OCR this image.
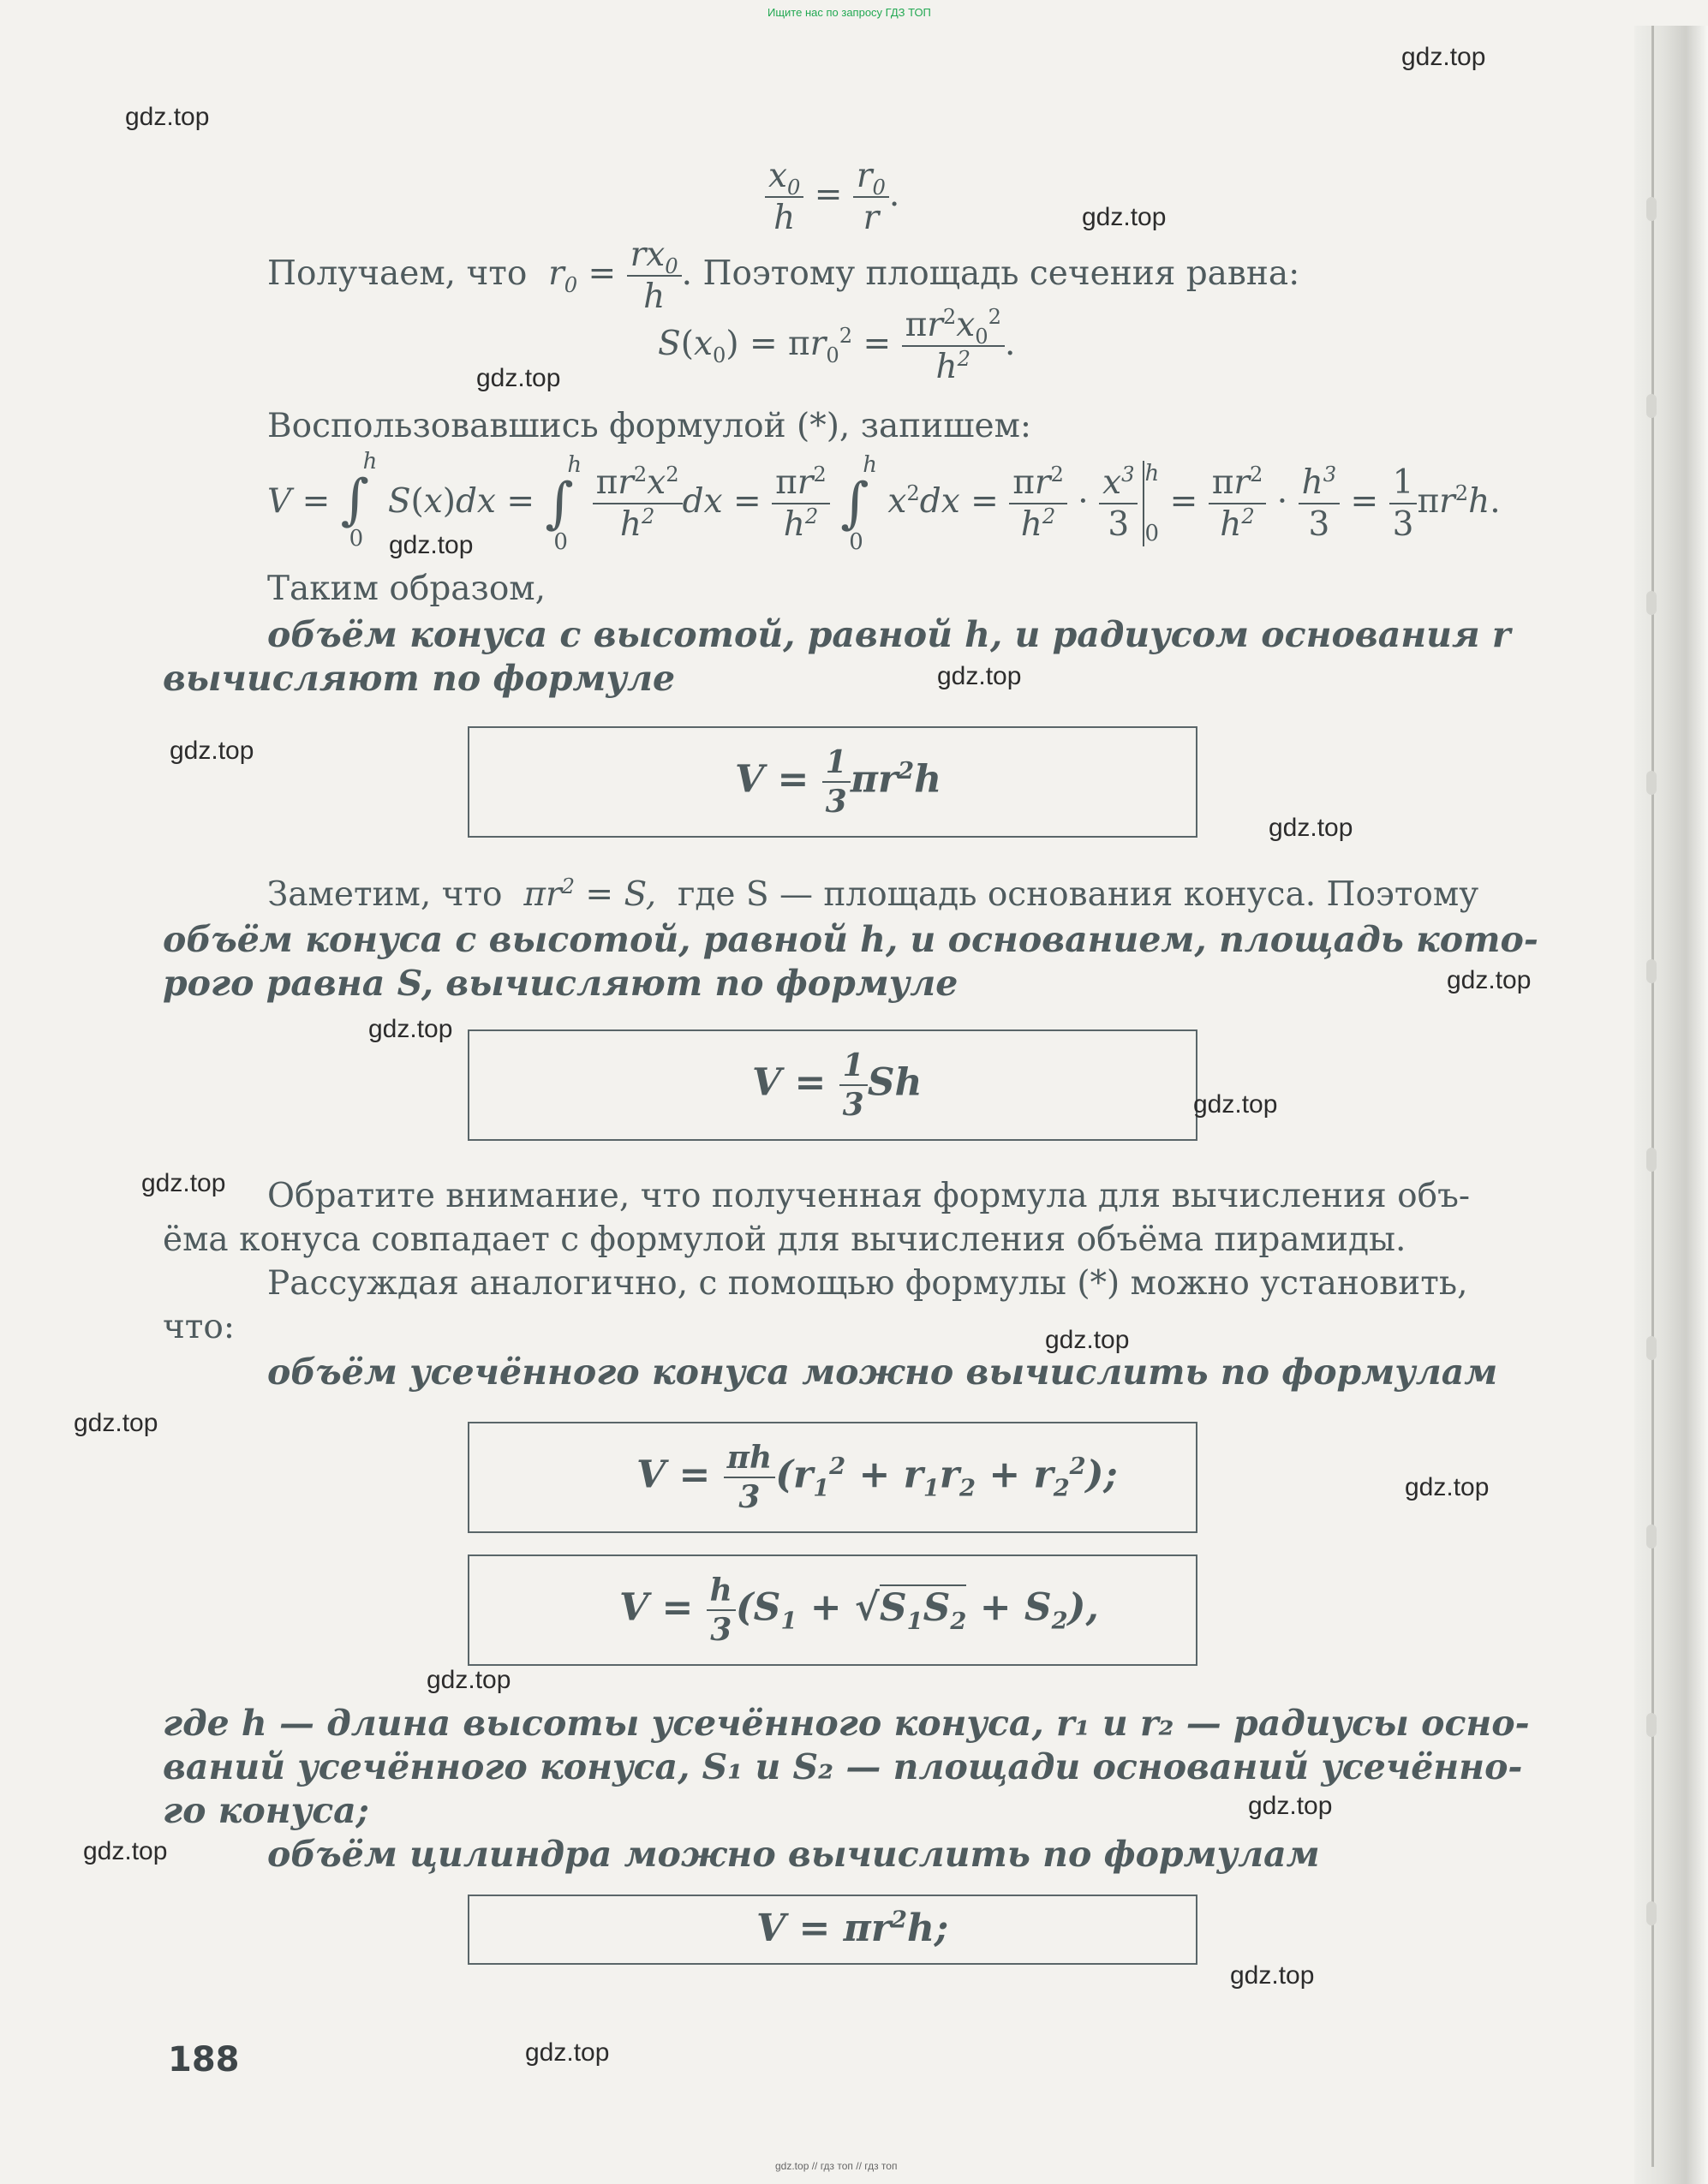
Ищите нас по запросу ГДЗ ТОП
$\frac{x_0}{h} = \frac{r_0}{r}$ .
Получаем, что  $r_0 = \frac{rx_0}{h}$ . Поэтому площадь сечения равна:
$S(x_0) = \pi r_0^2 = \frac{\pi r^2x_0^2}{h^2}$ .
Воспользовавшись формулой (*), запишем:
V =
h
∫
0
S(x)dx =
h
∫
0

$\frac{\pi r^2x^2}{h^2}$ dx = $\frac{\pi r^2}{h^2}$

h
∫
0
$x^2dx = \frac{\pi r^2}{h^2} \cdot \frac{x^3}{3}$ h
0
= $\frac{\pi r^2}{h^2} \cdot \frac{h^3}{3} = \frac{1}{3} \pi r^2h$.
Таким образом,
объём конуса с высотой, равной h, и радиусом основания r
вычисляют по формуле
$V = \frac{1}{3} \pi r^2h$
Заметим, что  $\pi r^2 = S$,  где S — площадь основания конуса. Поэтому
объём конуса с высотой, равной h, и основанием, площадь кото-
рого равна S, вычисляют по формуле
$V = \frac{1}{3}$ Sh
Обратите внимание, что полученная формула для вычисления объ-
ёма конуса совпадает с формулой для вычисления объёма пирамиды.
Рассуждая аналогично, с помощью формулы (*) можно установить,
что:
объём усечённого конуса можно вычислить по формулам
$V = \frac{\pi h}{3} (r_1^2 + r_1r_2 + r_2^2)$;
$V = \frac{h}{3} (S_1 + √S_1S_2 + S_2)$,
где h — длина высоты усечённого конуса, r₁ и r₂ — радиусы осно-
ваний усечённого конуса, S₁ и S₂ — площади оснований усечённо-
го конуса;
объём цилиндра можно вычислить по формулам
$V = \pi r^2h$;
188
gdz.top
gdz.top
gdz.top
gdz.top
gdz.top
gdz.top
gdz.top
gdz.top
gdz.top
gdz.top
gdz.top
gdz.top
gdz.top
gdz.top
gdz.top
gdz.top
gdz.top
gdz.top
gdz.top
gdz.top
gdz.top // гдз топ // гдз топ
